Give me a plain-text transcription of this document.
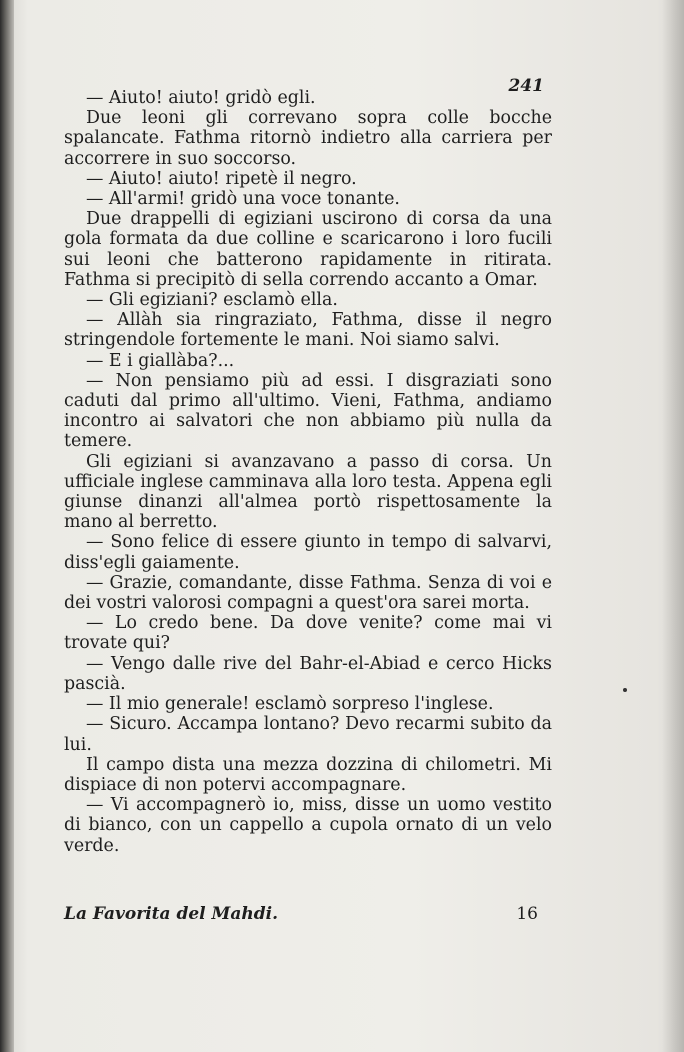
241

— Aiuto! aiuto! gridò egli.

Due leoni gli correvano sopra colle bocche spalancate. Fathma ritornò indietro alla carriera per accorrere in suo soccorso.

— Aiuto! aiuto! ripetè il negro.

— All'armi! gridò una voce tonante.

Due drappelli di egiziani uscirono di corsa da una gola formata da due colline e scaricarono i loro fucili sui leoni che batterono rapidamente in ritirata. Fathma si precipitò di sella correndo accanto a Omar.

— Gli egiziani? esclamò ella.

— Allàh sia ringraziato, Fathma, disse il negro stringendole fortemente le mani. Noi siamo salvi.

— E i giallàba?...

— Non pensiamo più ad essi. I disgraziati sono caduti dal primo all'ultimo. Vieni, Fathma, andiamo incontro ai salvatori che non abbiamo più nulla da temere.

Gli egiziani si avanzavano a passo di corsa. Un ufficiale inglese camminava alla loro testa. Appena egli giunse dinanzi all'almea portò rispettosamente la mano al berretto.

— Sono felice di essere giunto in tempo di salvarvi, diss'egli gaiamente.

— Grazie, comandante, disse Fathma. Senza di voi e dei vostri valorosi compagni a quest'ora sarei morta.

— Lo credo bene. Da dove venite? come mai vi trovate qui?

— Vengo dalle rive del Bahr-el-Abiad e cerco Hicks pascià.

— Il mio generale! esclamò sorpreso l'inglese.

— Sicuro. Accampa lontano? Devo recarmi subito da lui.

Il campo dista una mezza dozzina di chilometri. Mi dispiace di non potervi accompagnare.

— Vi accompagnerò io, miss, disse un uomo vestito di bianco, con un cappello a cupola ornato di un velo verde.

La Favorita del Mahdi.	16
